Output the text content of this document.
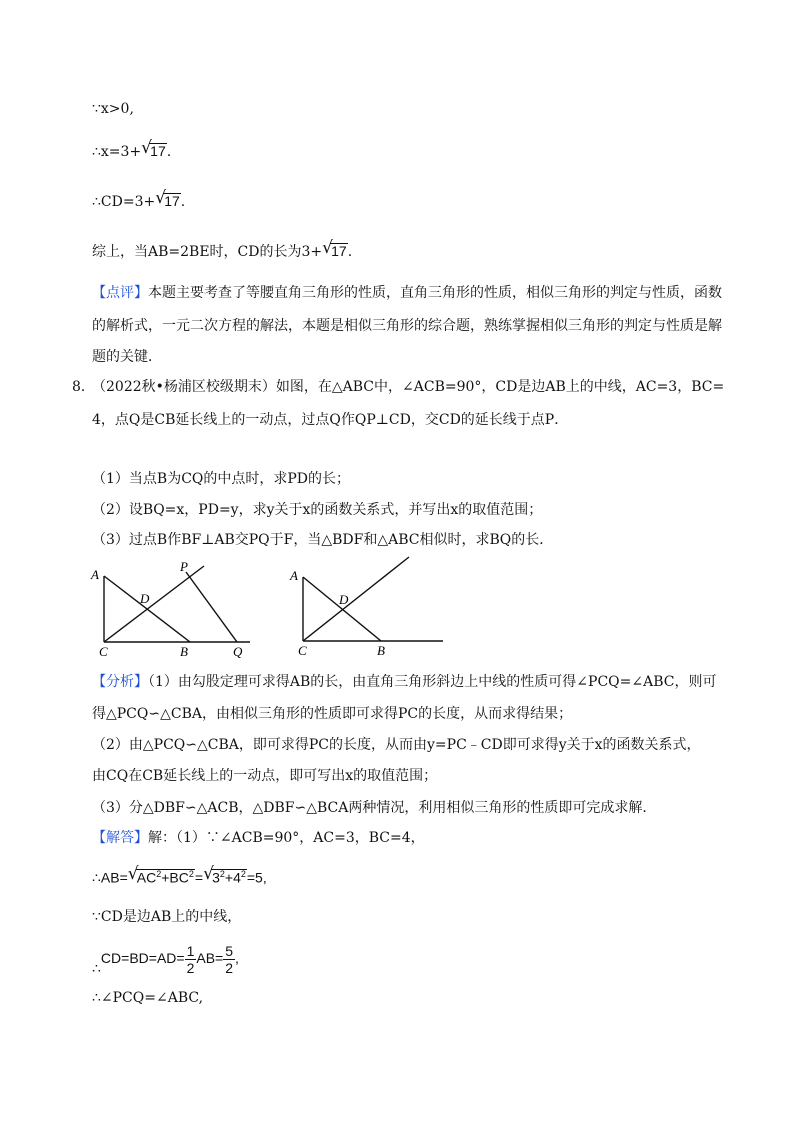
∵x>0,
∴x=3+ √
17.
∴CD=3+ √
17.
综上，当AB=2BE时，CD的长为3+ √
17.
【点评】本题主要考查了等腰直角三角形的性质，直角三角形的性质，相似三角形的判定与性质，函数
的解析式，一元二次方程的解法，本题是相似三角形的综合题，熟练掌握相似三角形的判定与性质是解
题的关键．
8．
（2022秋•杨浦区校级期末）如图，在△ABC中，∠ACB=90°，CD是边AB上的中线，AC=3，BC=
4，点Q是CB延长线上的一动点，过点Q作QP⊥CD，交CD的延长线于点P．
（1）当点B为CQ的中点时，求PD的长；
（2）设BQ=x，PD=y，求y关于x的函数关系式，并写出x的取值范围；
（3）过点B作BF⊥AB交PQ于F，当△BDF和△ABC相似时，求BQ的长．
A
P
D
C	B	Q
A
D
C	B
【分析】（1）由勾股定理可求得AB的长，由直角三角形斜边上中线的性质可得∠PCQ=∠ABC，则可
得△PCQ∽△CBA，由相似三角形的性质即可求得PC的长度，从而求得结果；
（2）由△PCQ∽△CBA，即可求得PC的长度，从而由y=PC﹣CD即可求得y关于x的函数关系式，
由CQ在CB延长线上的一动点，即可写出x的取值范围；
（3）分△DBF∽△ACB，△DBF∽△BCA两种情况，利用相似三角形的性质即可完成求解．
【解答】解：（1）∵∠ACB=90°，AC=3，BC=4，
∴AB= √
$AC^2+BC^2=$ √
$3^2+4^2=5$,
∵CD是边AB上的中线，
∴CD=BD=AD= $\frac{1}{2} AB= \frac{5}{2}$ ,
∴∠PCQ=∠ABC,
